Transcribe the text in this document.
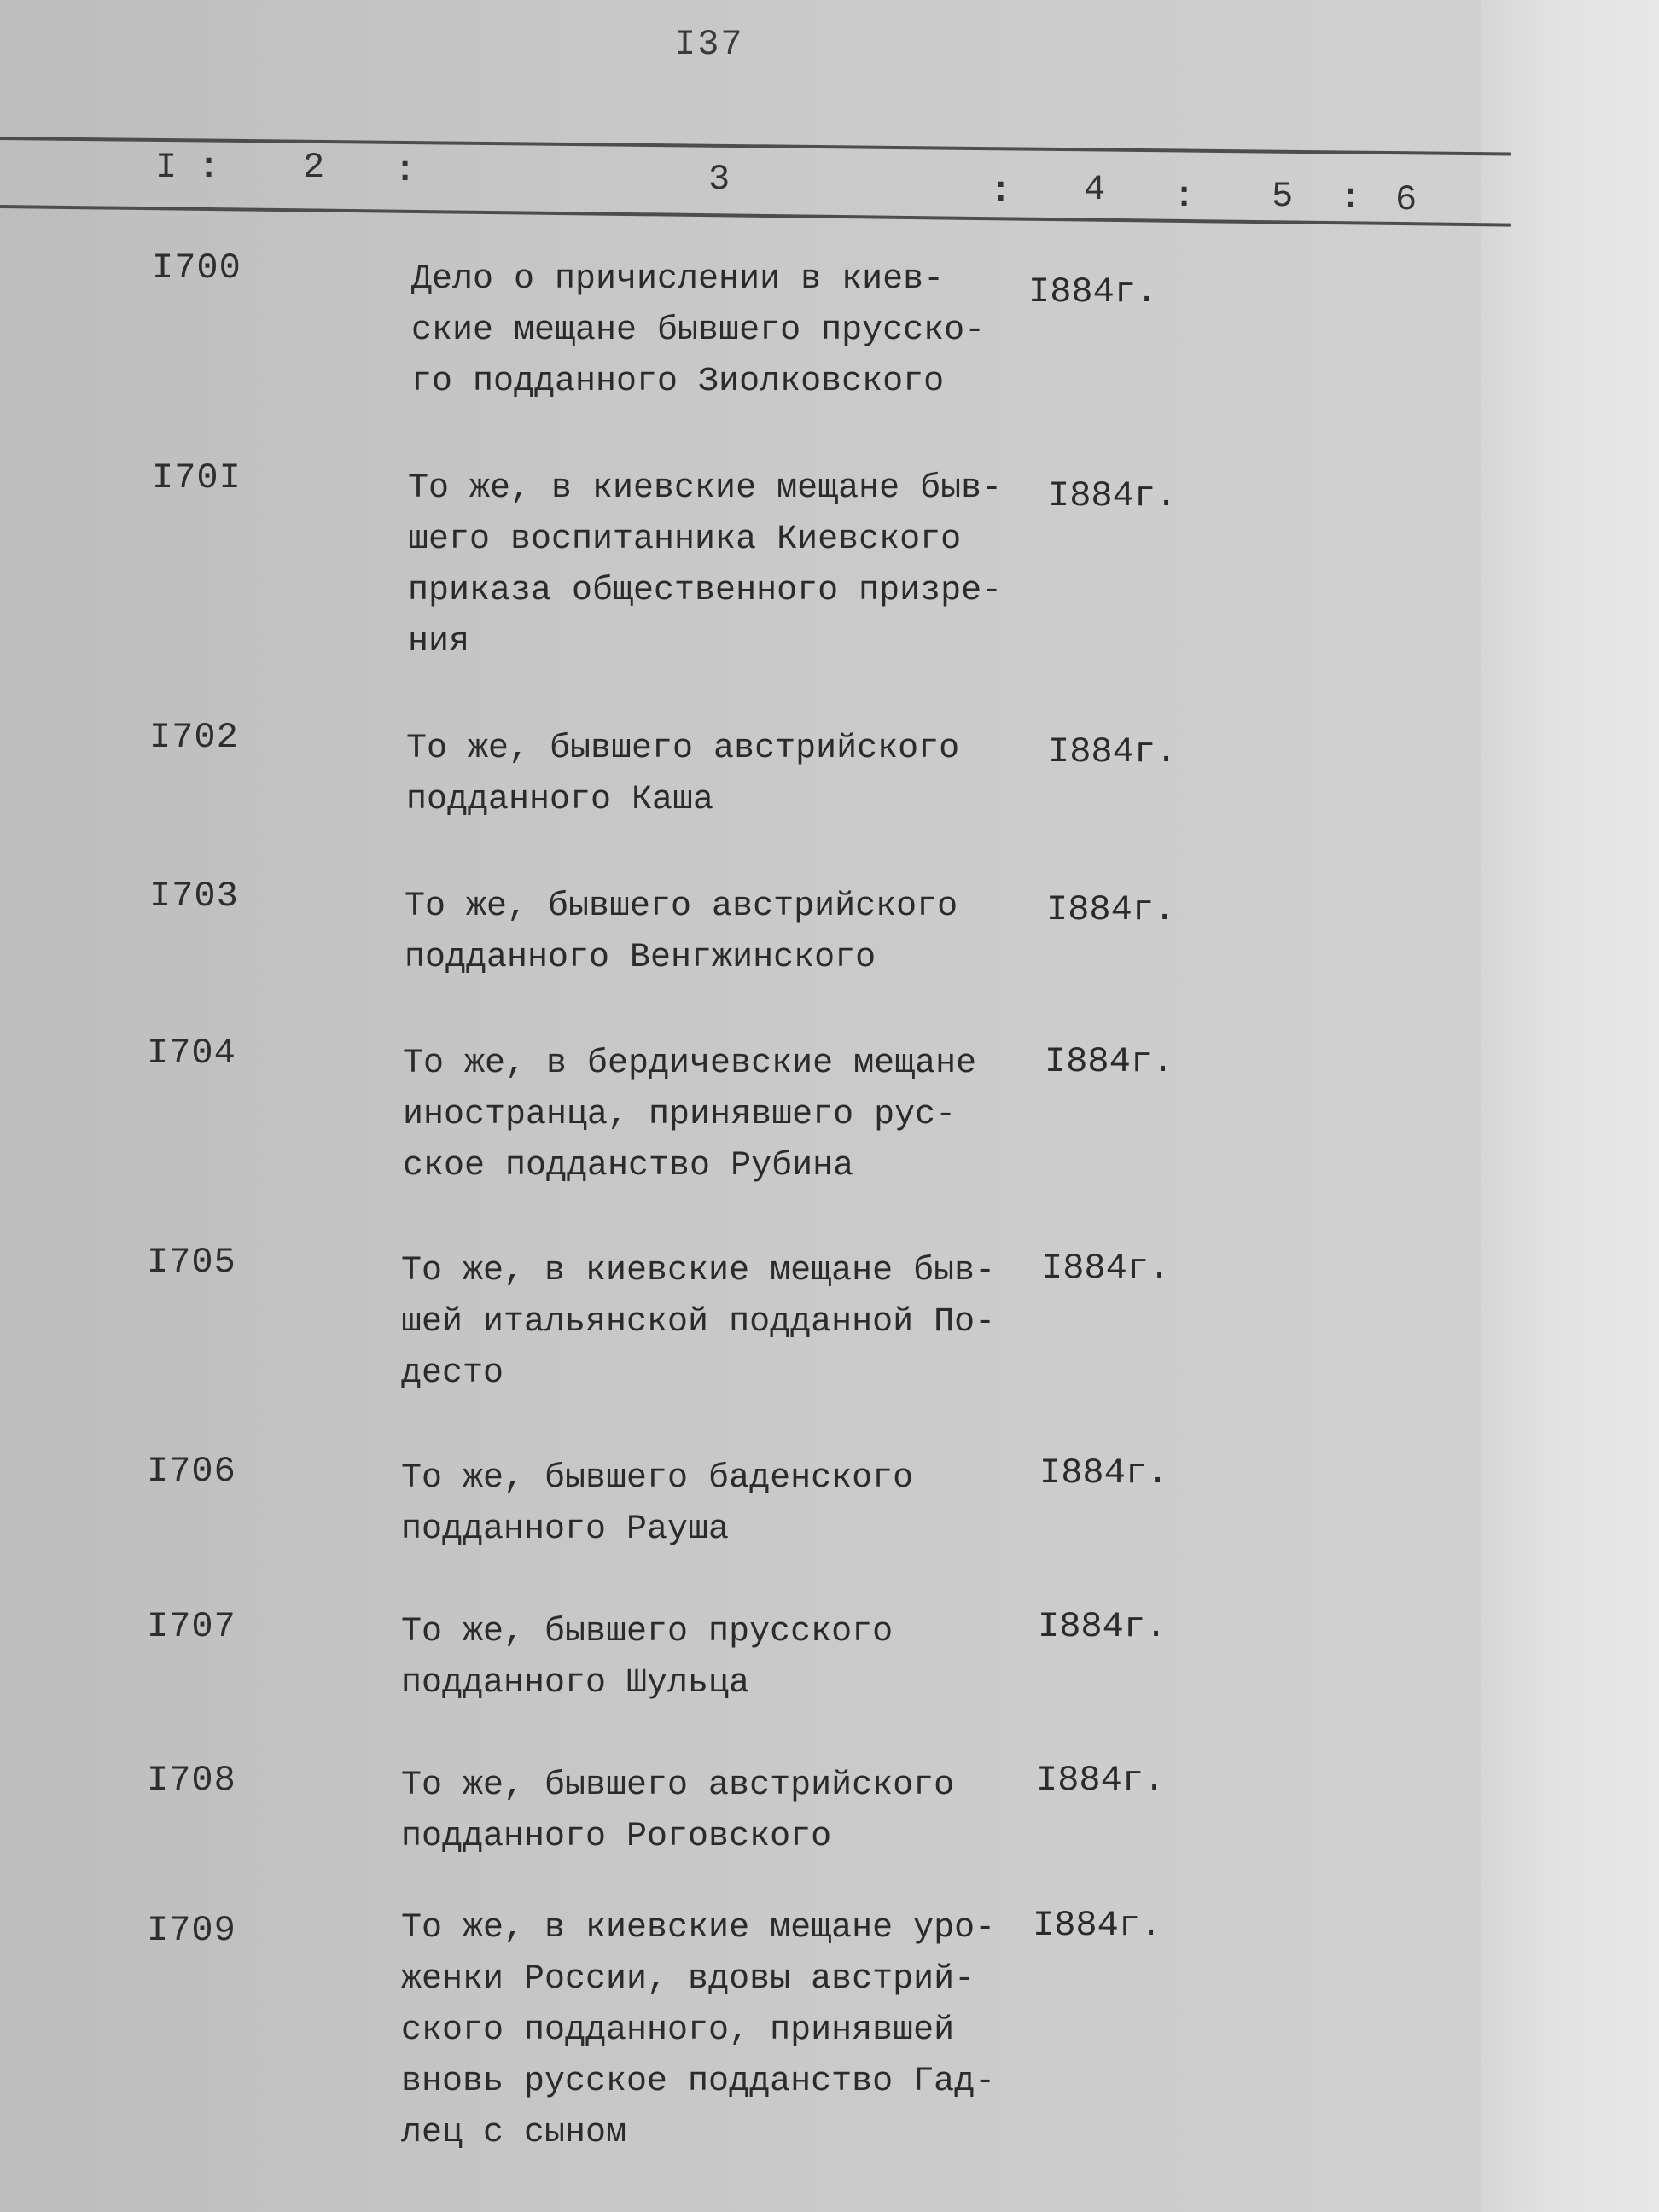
I37
I : 2 :	3	: 4 : 5 : 6
I700	Дело о причислении в киев-
ские мещане бывшего прусско-
го подданного Зиолковского
I884г.
I70I	То же, в киевские мещане быв-
шего воспитанника Киевского
приказа общественного призре-
ния
I884г.
I702	То же, бывшего австрийского
подданного Каша
I884г.
I703	То же, бывшего австрийского
подданного Венгжинского
I884г.
I704	То же, в бердичевские мещане
иностранца, принявшего рус-
ское подданство Рубина
I884г.
I705	То же, в киевские мещане быв-
шей итальянской подданной По-
десто
I884г.
I706	То же, бывшего баденского
подданного Рауша
I884г.
I707	То же, бывшего прусского
подданного Шульца
I884г.
I708	То же, бывшего австрийского
подданного Роговского
I884г.
I709	То же, в киевские мещане уро-
женки России, вдовы австрий-
ского подданного, принявшей
вновь русское подданство Гад-
лец с сыном
I884г.
